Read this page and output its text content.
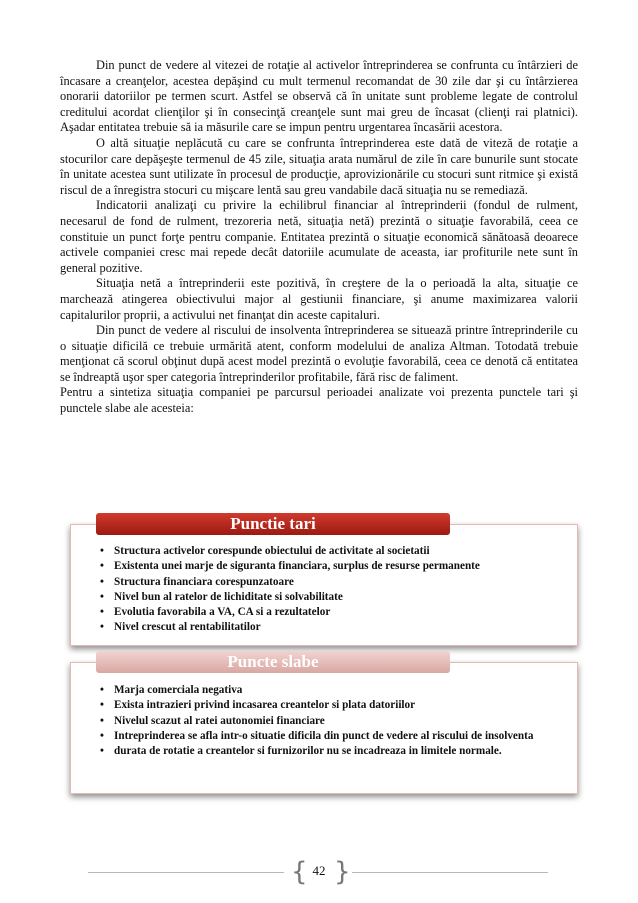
Din punct de vedere al vitezei de rotaţie al activelor întreprinderea se confrunta cu întârzieri de încasare a creanţelor, acestea depăşind cu mult termenul recomandat de 30 zile dar şi cu întârzierea onorarii datoriilor pe termen scurt. Astfel se observă că în unitate sunt probleme legate de controlul creditului acordat clienţilor şi în consecinţă creanţele sunt mai greu de încasat (clienţi rai platnici). Aşadar entitatea trebuie să ia măsurile care se impun pentru urgentarea încasării acestora.

O altă situaţie neplăcută cu care se confrunta întreprinderea este dată de viteză de rotaţie a stocurilor care depăşeşte termenul de 45 zile, situaţia arata numărul de zile în care bunurile sunt stocate în unitate acestea sunt utilizate în procesul de producţie, aprovizionările cu stocuri sunt ritmice şi există riscul de a înregistra stocuri cu mişcare lentă sau greu vandabile dacă situaţia nu se remediază.

Indicatorii analizaţi cu privire la echilibrul financiar al întreprinderii (fondul de rulment, necesarul de fond de rulment, trezoreria netă, situaţia netă) prezintă o situaţie favorabilă, ceea ce constituie un punct forţe pentru companie. Entitatea prezintă o situaţie economică sănătoasă deoarece activele companiei cresc mai repede decât datoriile acumulate de aceasta, iar profiturile nete sunt în general pozitive.

Situaţia netă a întreprinderii este pozitivă, în creştere de la o perioadă la alta, situaţie ce marchează atingerea obiectivului major al gestiunii financiare, şi anume maximizarea valorii capitalurilor proprii, a activului net finanţat din aceste capitaluri.

Din punct de vedere al riscului de insolventa întreprinderea se situează printre întreprinderile cu o situaţie dificilă ce trebuie urmărită atent, conform modelului de analiza Altman. Totodată trebuie menţionat că scorul obţinut după acest model prezintă o evoluţie favorabilă, ceea ce denotă că entitatea se îndreaptă uşor sper categoria întreprinderilor profitabile, fără risc de faliment.

Pentru a sintetiza situaţia companiei pe parcursul perioadei analizate voi prezenta punctele tari şi punctele slabe ale acesteia:

Punctie tari
• Structura activelor corespunde obiectului de activitate al societatii
• Existenta unei marje de siguranta financiara, surplus de resurse permanente
• Structura financiara corespunzatoare
• Nivel bun al ratelor de lichiditate si solvabilitate
• Evolutia favorabila a VA, CA si a rezultatelor
• Nivel crescut al rentabilitatilor
Puncte slabe
• Marja comerciala negativa
• Exista intrazieri privind incasarea creantelor si plata datoriilor
• Nivelul scazut al ratei autonomiei financiare
• Intreprinderea se afla intr-o situatie dificila din punct de vedere al riscului de insolventa
• durata de rotatie a creantelor si furnizorilor nu se incadreaza in limitele normale.
{ 42 }
